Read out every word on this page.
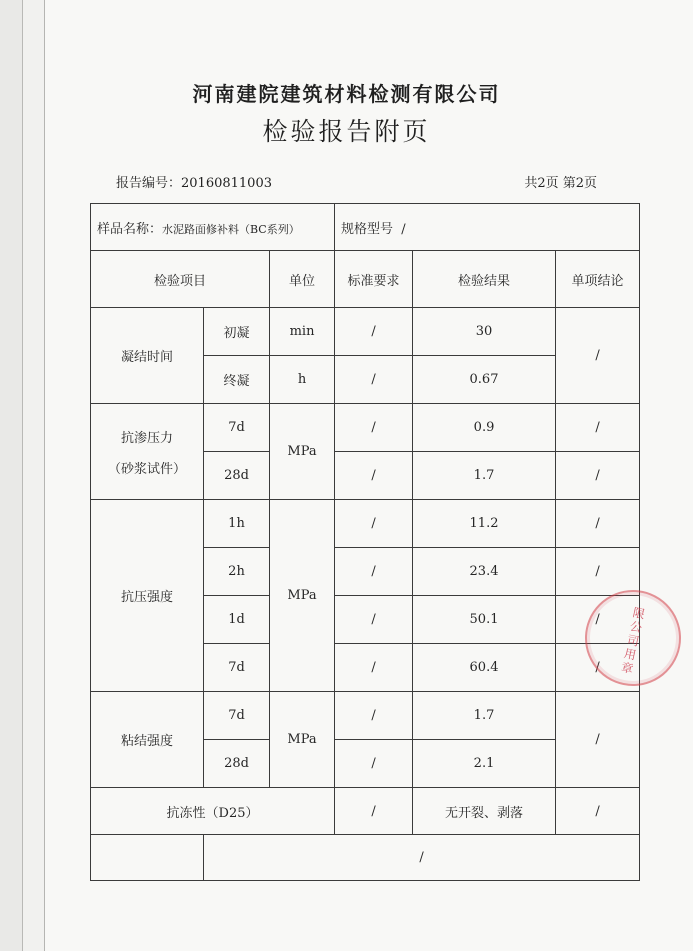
河南建院建筑材料检测有限公司
检验报告附页
报告编号：20160811003	共2页 第2页
样品名称：水泥路面修补料（BC系列）			规格型号 /		
检验项目		单位	标准要求	检验结果	单项结论
凝结时间	初凝	min	/	30	/
	终凝	h	/	0.67	

抗渗压力
（砂浆试件）	7d	MPa	/	0.9	/
	28d		/	1.7	/
抗压强度	1h	MPa	/	11.2	/
	2h		/	23.4	/
	1d		/	50.1	/
	7d		/	60.4	/
粘结强度	7d	MPa	/	1.7	/
	28d		/	2.1	
抗冻性（D25）			/	无开裂、剥落	/
	/				
限公司用章
